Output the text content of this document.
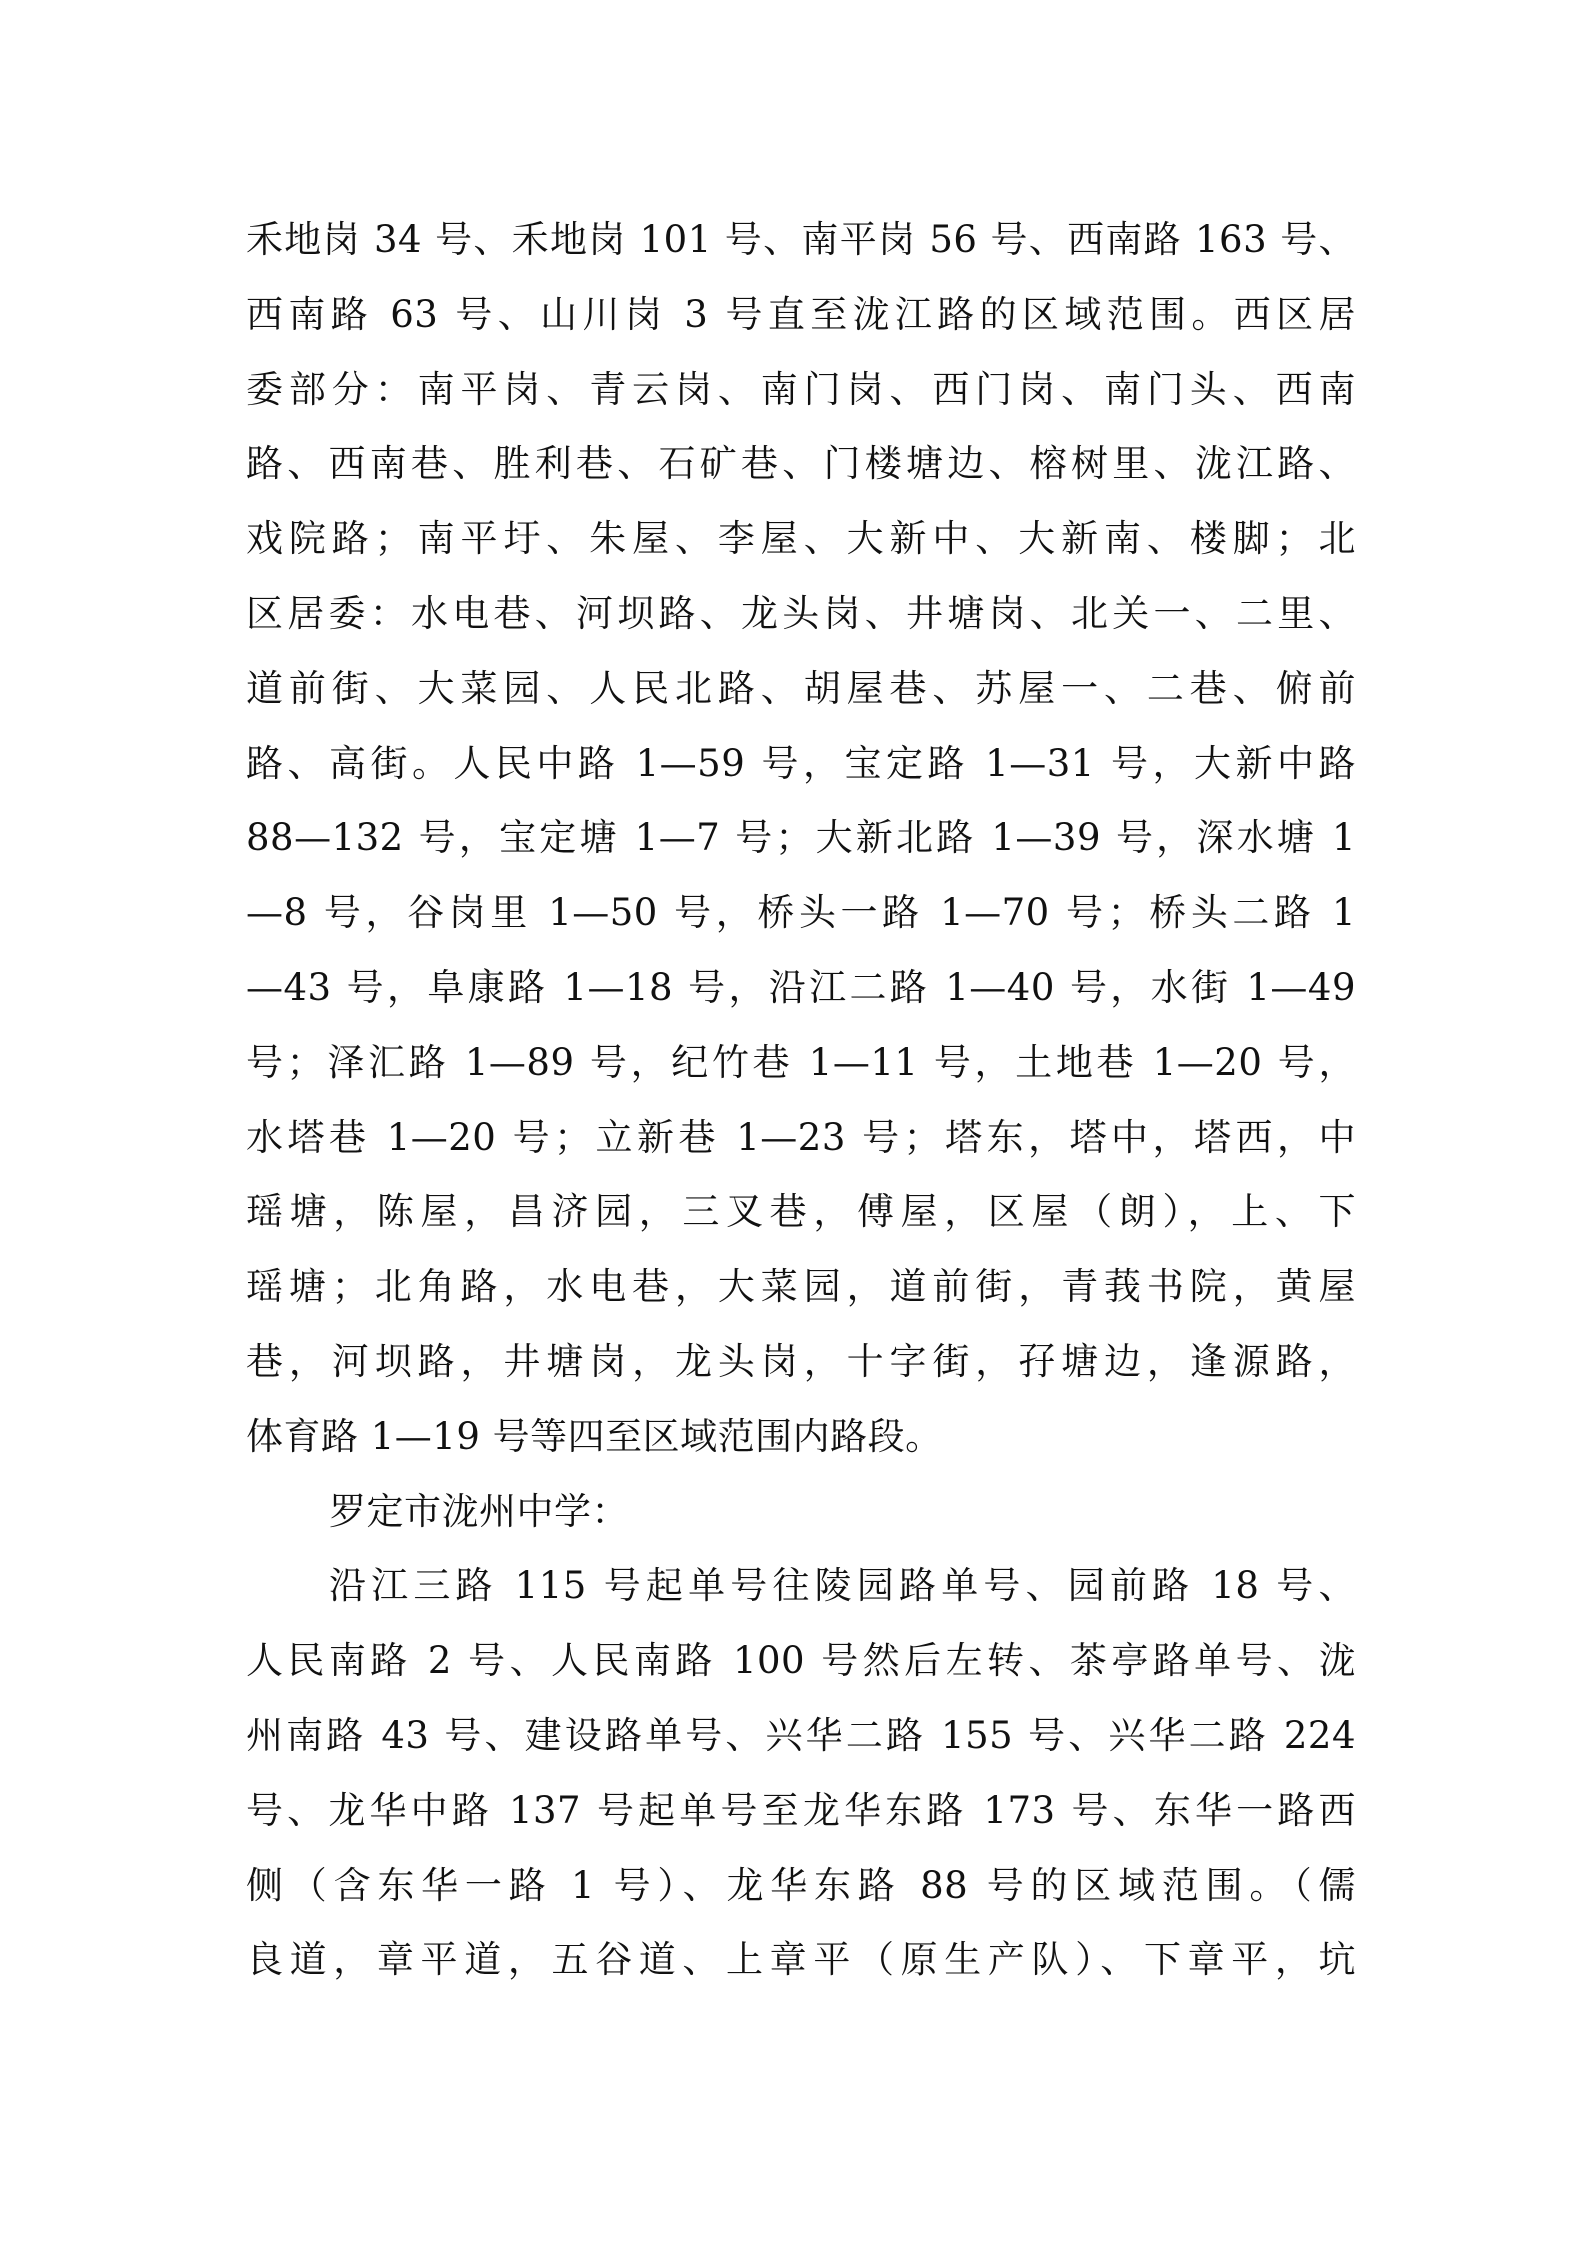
禾地岗 34 号、禾地岗 101 号、南平岗 56 号、西南路 163 号、
西南路 63 号、山川岗 3 号直至泷江路的区域范围。西区居
委部分：南平岗、青云岗、南门岗、西门岗、南门头、西南
路、西南巷、胜利巷、石矿巷、门楼塘边、榕树里、泷江路、
戏院路；南平圩、朱屋、李屋、大新中、大新南、楼脚；北
区居委：水电巷、河坝路、龙头岗、井塘岗、北关一、二里、
道前街、大菜园、人民北路、胡屋巷、苏屋一、二巷、俯前
路、高街。人民中路 1—59 号，宝定路 1—31 号，大新中路
88—132 号，宝定塘 1—7 号；大新北路 1—39 号，深水塘 1
—8 号，谷岗里 1—50 号，桥头一路 1—70 号；桥头二路 1
—43 号，阜康路 1—18 号，沿江二路 1—40 号，水街 1—49
号；泽汇路 1—89 号，纪竹巷 1—11 号，土地巷 1—20 号，
水塔巷 1—20 号；立新巷 1—23 号；塔东，塔中，塔西，中
瑶塘，陈屋，昌济园，三叉巷，傅屋，区屋（朗），上、下
瑶塘；北角路，水电巷，大菜园，道前街，青莪书院，黄屋
巷，河坝路，井塘岗，龙头岗，十字街，孖塘边，逢源路，
体育路 1—19 号等四至区域范围内路段。
罗定市泷州中学：
沿江三路 115 号起单号往陵园路单号、园前路 18 号、
人民南路 2 号、人民南路 100 号然后左转、茶亭路单号、泷
州南路 43 号、建设路单号、兴华二路 155 号、兴华二路 224
号、龙华中路 137 号起单号至龙华东路 173 号、东华一路西
侧（含东华一路 1 号）、龙华东路 88 号的区域范围。（儒
良道，章平道，五谷道、上章平（原生产队）、下章平，坑
